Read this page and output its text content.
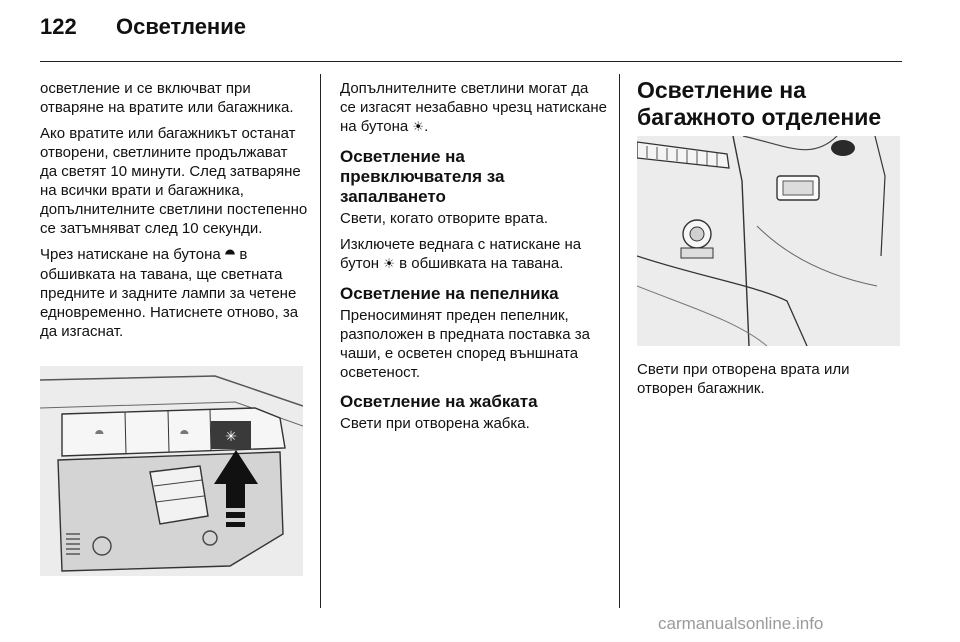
122 Осветление

осветление и се включват при отваряне на вратите или багажника.

Ако вратите или багажникът останат отворени, светлините продължават да светят 10 минути. След затваряне на всички врати и багажника, допълнителните светлини постепенно се затъмняват след 10 секунди.

Чрез натискане на бутона ⯊ в обшивката на тавана, ще светната предните и задните лампи за четене едновременно. Натиснете отново, за да изгаснат.

✳
⯊
⯊

Допълнителните светлини могат да се изгасят незабавно чрезц натискане на бутона ☀.

Осветление на превключвателя за запалването

Свети, когато отворите врата.

Изключете веднага с натискане на бутон ☀ в обшивката на тавана.

Осветление на пепелника

Преносиминят преден пепелник, разположен в предната поставка за чаши, е осветен според външната осветеност.

Осветление на жабката

Свети при отворена жабка.

Осветление на багажното отделение

Свети при отворена врата или отворен багажник.

carmanualsonline.info
